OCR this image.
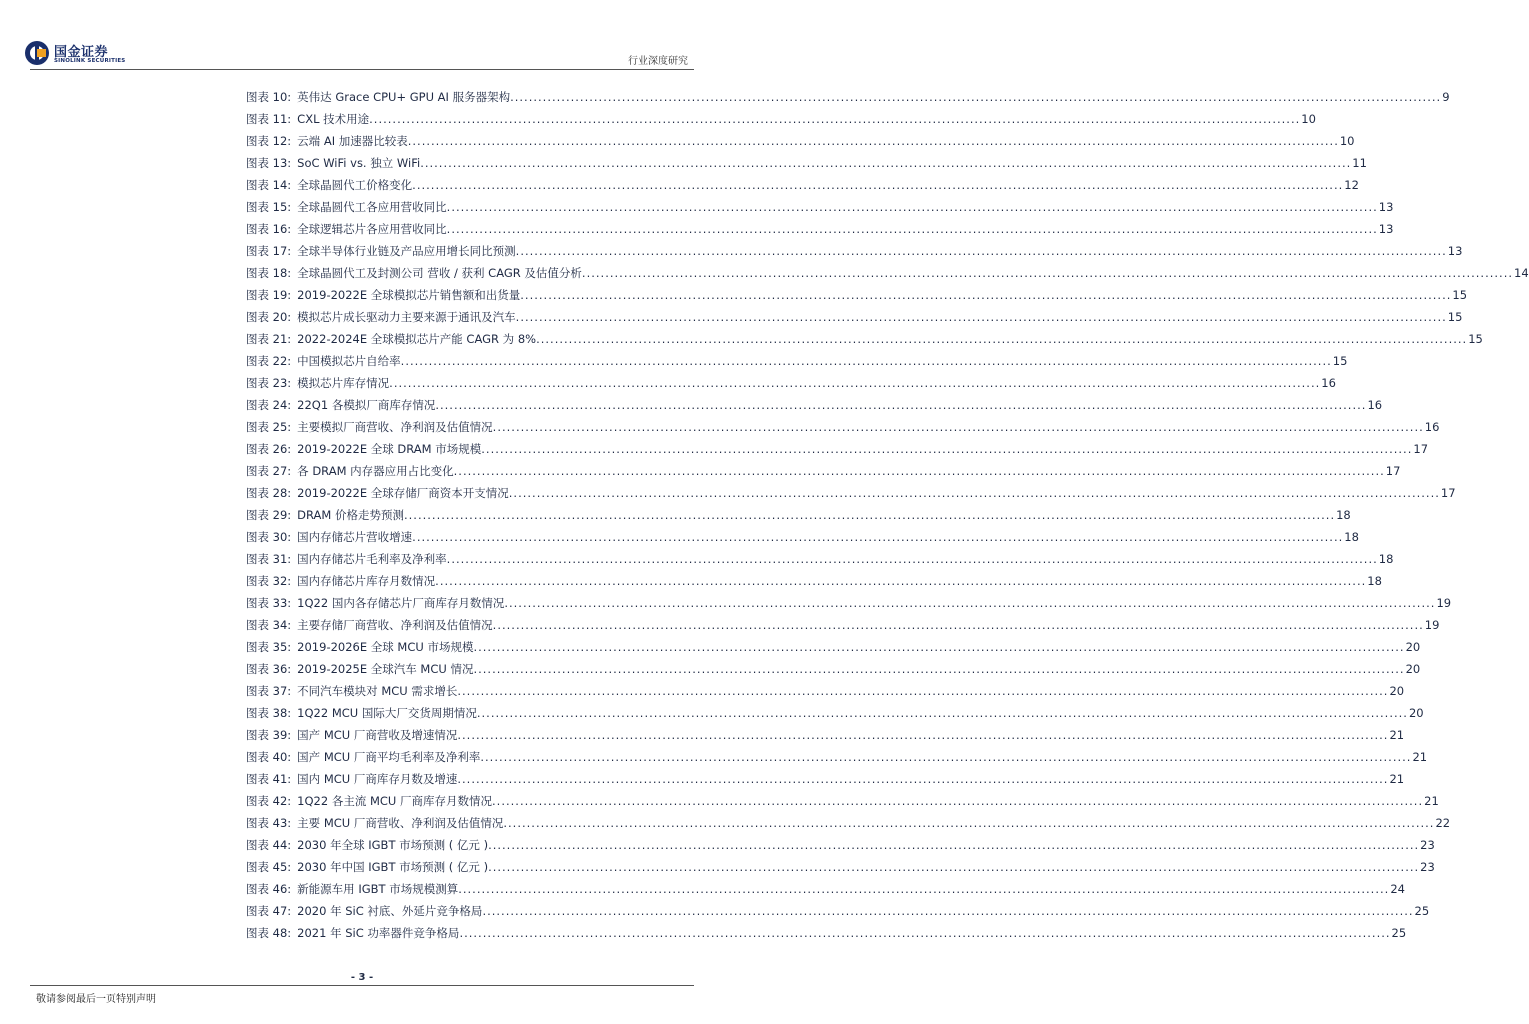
国金证券
SINOLINK SECURITIES	行业深度研究
图表 10: 英伟达 Grace CPU+ GPU AI 服务器架构 ........................................................................................................................................................................................................ 9
图表 11: CXL 技术用途 ........................................................................................................................................................................................................ 10
图表 12: 云端 AI 加速器比较表 ........................................................................................................................................................................................................ 10
图表 13: SoC WiFi vs. 独立 WiFi ........................................................................................................................................................................................................ 11
图表 14: 全球晶圆代工价格变化 ........................................................................................................................................................................................................ 12
图表 15: 全球晶圆代工各应用营收同比 ........................................................................................................................................................................................................ 13
图表 16: 全球逻辑芯片各应用营收同比 ........................................................................................................................................................................................................ 13
图表 17: 全球半导体行业链及产品应用增长同比预测 ........................................................................................................................................................................................................ 13
图表 18: 全球晶圆代工及封测公司 营收 / 获利 CAGR 及估值分析 ........................................................................................................................................................................................................ 14
图表 19: 2019-2022E 全球模拟芯片销售额和出货量 ........................................................................................................................................................................................................ 15
图表 20: 模拟芯片成长驱动力主要来源于通讯及汽车 ........................................................................................................................................................................................................ 15
图表 21: 2022-2024E 全球模拟芯片产能 CAGR 为 8% ........................................................................................................................................................................................................ 15
图表 22: 中国模拟芯片自给率 ........................................................................................................................................................................................................ 15
图表 23: 模拟芯片库存情况 ........................................................................................................................................................................................................ 16
图表 24: 22Q1 各模拟厂商库存情况 ........................................................................................................................................................................................................ 16
图表 25: 主要模拟厂商营收、净利润及估值情况 ........................................................................................................................................................................................................ 16
图表 26: 2019-2022E 全球 DRAM 市场规模 ........................................................................................................................................................................................................ 17
图表 27: 各 DRAM 内存器应用占比变化 ........................................................................................................................................................................................................ 17
图表 28: 2019-2022E 全球存储厂商资本开支情况 ........................................................................................................................................................................................................ 17
图表 29: DRAM 价格走势预测 ........................................................................................................................................................................................................ 18
图表 30: 国内存储芯片营收增速 ........................................................................................................................................................................................................ 18
图表 31: 国内存储芯片毛利率及净利率 ........................................................................................................................................................................................................ 18
图表 32: 国内存储芯片库存月数情况 ........................................................................................................................................................................................................ 18
图表 33: 1Q22 国内各存储芯片厂商库存月数情况 ........................................................................................................................................................................................................ 19
图表 34: 主要存储厂商营收、净利润及估值情况 ........................................................................................................................................................................................................ 19
图表 35: 2019-2026E 全球 MCU 市场规模 ........................................................................................................................................................................................................ 20
图表 36: 2019-2025E 全球汽车 MCU 情况 ........................................................................................................................................................................................................ 20
图表 37: 不同汽车模块对 MCU 需求增长 ........................................................................................................................................................................................................ 20
图表 38: 1Q22 MCU 国际大厂交货周期情况 ........................................................................................................................................................................................................ 20
图表 39: 国产 MCU 厂商营收及增速情况 ........................................................................................................................................................................................................ 21
图表 40: 国产 MCU 厂商平均毛利率及净利率 ........................................................................................................................................................................................................ 21
图表 41: 国内 MCU 厂商库存月数及增速 ........................................................................................................................................................................................................ 21
图表 42: 1Q22 各主流 MCU 厂商库存月数情况 ........................................................................................................................................................................................................ 21
图表 43: 主要 MCU 厂商营收、净利润及估值情况 ........................................................................................................................................................................................................ 22
图表 44: 2030 年全球 IGBT 市场预测 ( 亿元 ) ........................................................................................................................................................................................................ 23
图表 45: 2030 年中国 IGBT 市场预测 ( 亿元 ) ........................................................................................................................................................................................................ 23
图表 46: 新能源车用 IGBT 市场规模测算 ........................................................................................................................................................................................................ 24
图表 47: 2020 年 SiC 衬底、外延片竞争格局 ........................................................................................................................................................................................................ 25
图表 48: 2021 年 SiC 功率器件竞争格局 ........................................................................................................................................................................................................ 25
- 3 -
敬请参阅最后一页特别声明
